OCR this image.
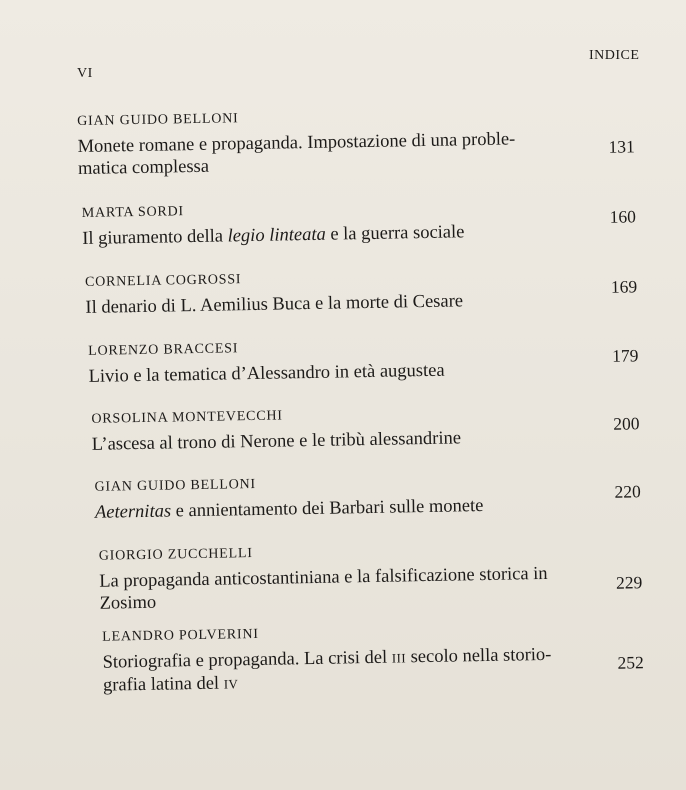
VI
INDICE
GIAN GUIDO BELLONI
Monete romane e propaganda. Impostazione di una proble-
matica complessa
131
MARTA SORDI
Il giuramento della legio linteata e la guerra sociale
160
CORNELIA COGROSSI
Il denario di L. Aemilius Buca e la morte di Cesare
169
LORENZO BRACCESI
Livio e la tematica d’Alessandro in età augustea
179
ORSOLINA MONTEVECCHI
L’ascesa al trono di Nerone e le tribù alessandrine
200
GIAN GUIDO BELLONI
Aeternitas e annientamento dei Barbari sulle monete
220
GIORGIO ZUCCHELLI
La propaganda anticostantiniana e la falsificazione storica in
Zosimo
229
LEANDRO POLVERINI
Storiografia e propaganda. La crisi del III secolo nella storio-
grafia latina del IV
252
